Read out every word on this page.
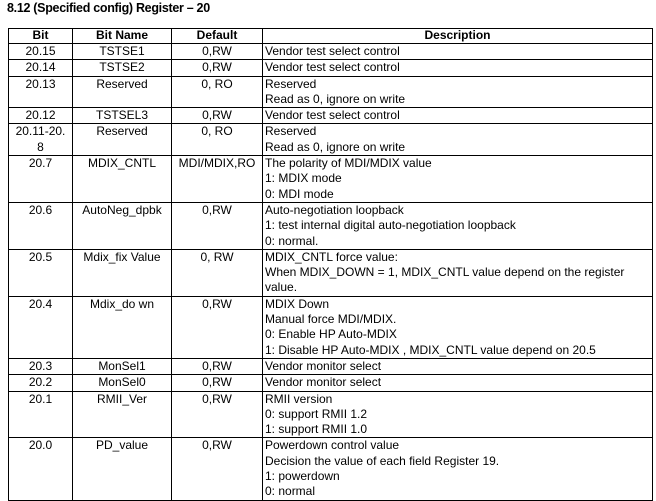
8.12 (Specified config) Register – 20
Bit	Bit Name	Default	Description
20.15	TSTSE1	0,RW	Vendor test select control

20.14	TSTSE2	0,RW	Vendor test select control

20.13	Reserved	0, RO	Reserved
Read as 0, ignore on write

20.12	TSTSEL3	0,RW	Vendor test select control

20.11-20.
8	Reserved	0, RO	Reserved
Read as 0, ignore on write

20.7	MDIX_CNTL	MDI/MDIX,RO	The polarity of MDI/MDIX value
1: MDIX mode
0: MDI mode

20.6	AutoNeg_dpbk	0,RW	Auto-negotiation loopback
1: test internal digital auto-negotiation loopback
0: normal.

20.5	Mdix_fix Value	0, RW	MDIX_CNTL force value:
When MDIX_DOWN = 1, MDIX_CNTL value depend on the register value.

20.4	Mdix_do wn	0,RW	MDIX Down
Manual force MDI/MDIX.
0: Enable HP Auto-MDIX
1: Disable HP Auto-MDIX , MDIX_CNTL value depend on 20.5

20.3	MonSel1	0,RW	Vendor monitor select

20.2	MonSel0	0,RW	Vendor monitor select

20.1	RMII_Ver	0,RW	RMII version
0: support RMII 1.2
1: support RMII 1.0

20.0	PD_value	0,RW	Powerdown control value
Decision the value of each field Register 19.
1: powerdown
0: normal
